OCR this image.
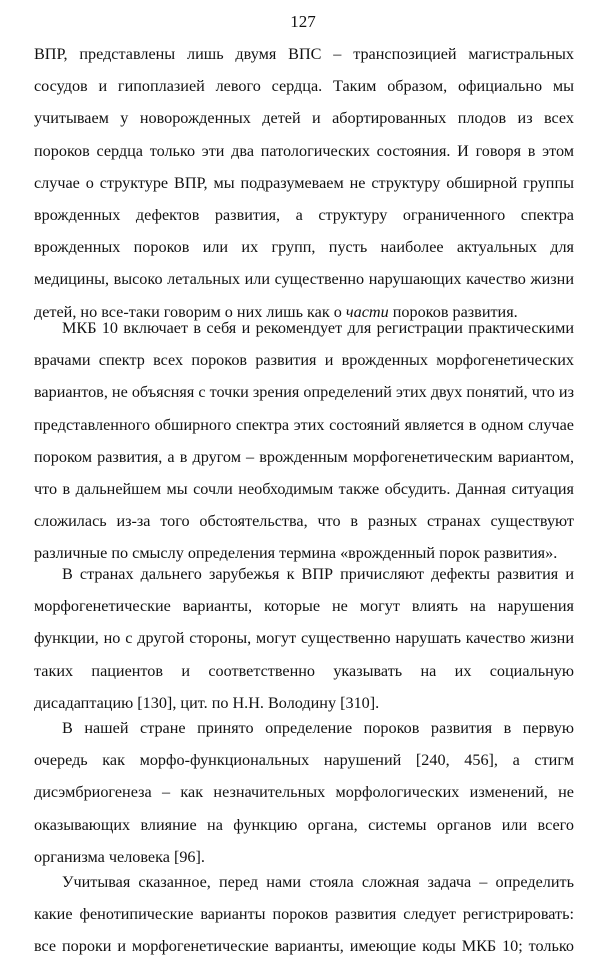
127
ВПР, представлены лишь двумя ВПС – транспозицией магистральных
сосудов и гипоплазией левого сердца. Таким образом, официально мы
учитываем у новорожденных детей и абортированных плодов из всех
пороков сердца только эти два патологических состояния. И говоря в этом
случае о структуре ВПР, мы подразумеваем не структуру обширной группы
врожденных дефектов развития, а структуру ограниченного спектра
врожденных пороков или их групп, пусть наиболее актуальных для
медицины, высоко летальных или существенно нарушающих качество жизни
детей, но все-таки говорим о них лишь как о части пороков развития.
МКБ 10 включает в себя и рекомендует для регистрации практическими
врачами спектр всех пороков развития и врожденных морфогенетических
вариантов, не объясняя с точки зрения определений этих двух понятий, что из
представленного обширного спектра этих состояний является в одном случае
пороком развития, а в другом – врожденным морфогенетическим вариантом,
что в дальнейшем мы сочли необходимым также обсудить. Данная ситуация
сложилась из-за того обстоятельства, что в разных странах существуют
различные по смыслу определения термина «врожденный порок развития».
В странах дальнего зарубежья к ВПР причисляют дефекты развития и
морфогенетические варианты, которые не могут влиять на нарушения
функции, но с другой стороны, могут существенно нарушать качество жизни
таких пациентов и соответственно указывать на их социальную
дисадаптацию [130], цит. по Н.Н. Володину [310].
В нашей стране принято определение пороков развития в первую
очередь как морфо-функциональных нарушений [240, 456], а стигм
дисэмбриогенеза – как незначительных морфологических изменений, не
оказывающих влияние на функцию органа, системы органов или всего
организма человека [96].
Учитывая сказанное, перед нами стояла сложная задача – определить
какие фенотипические варианты пороков развития следует регистрировать:
все пороки и морфогенетические варианты, имеющие коды МКБ 10; только
